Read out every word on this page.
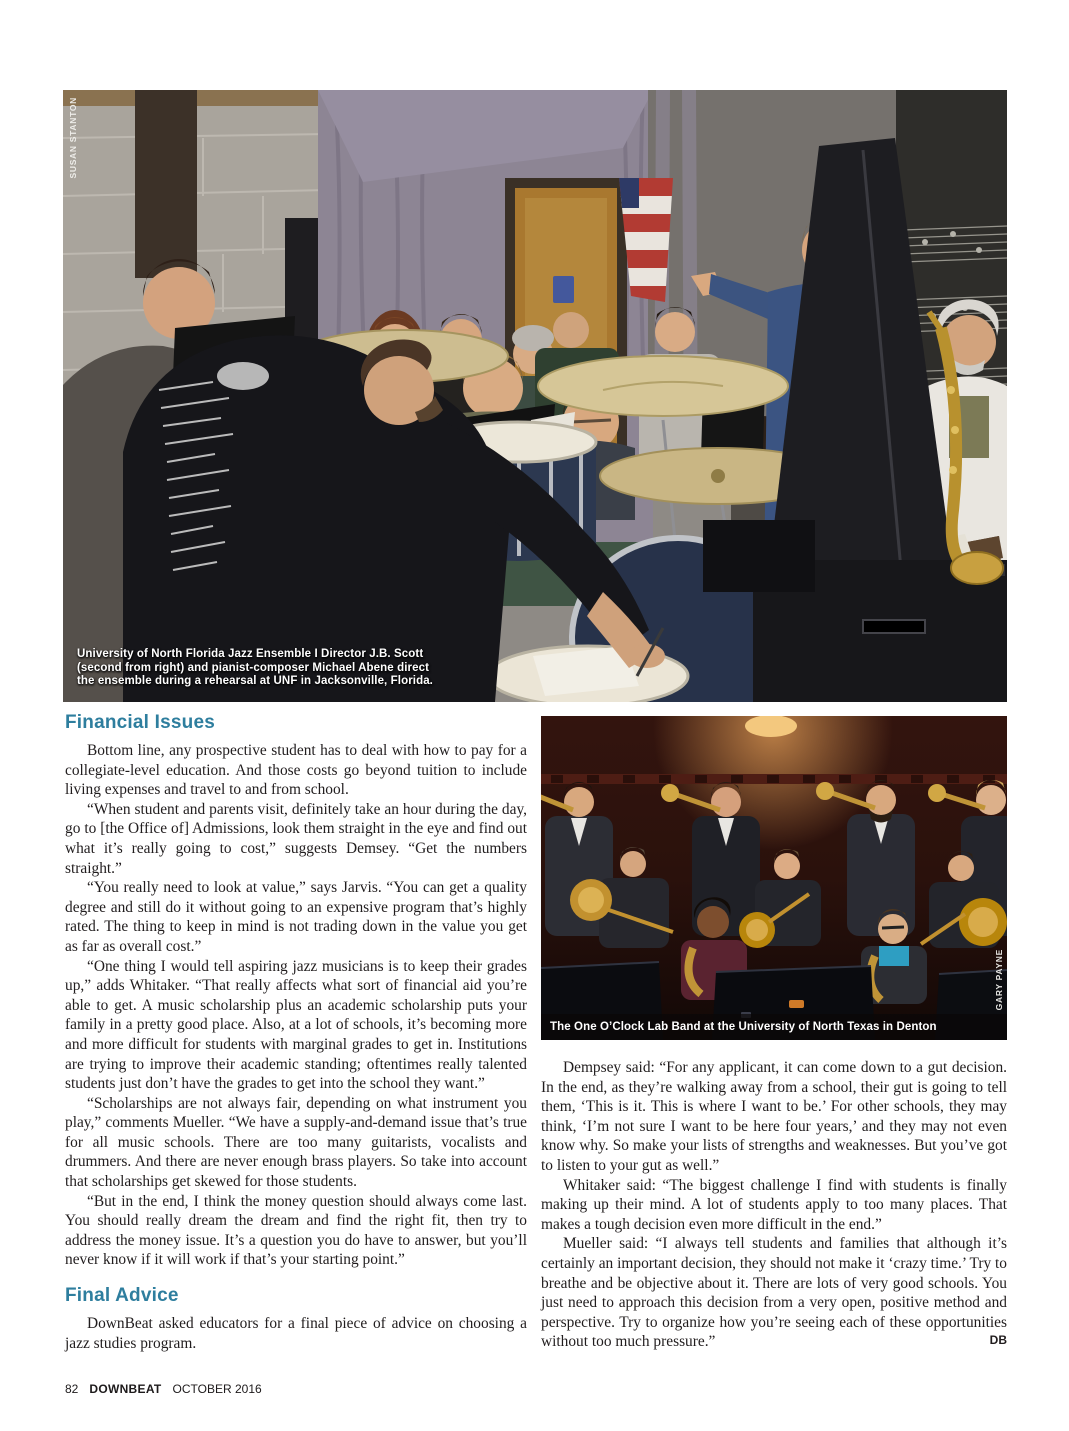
SUSAN STANTON
University of North Florida Jazz Ensemble I Director J.B. Scott
(second from right) and pianist-composer Michael Abene direct
the ensemble during a rehearsal at UNF in Jacksonville, Florida.
Financial Issues

Bottom line, any prospective student has to deal with how to pay for a collegiate-level education. And those costs go beyond tuition to include living expenses and travel to and from school.

“When student and parents visit, definitely take an hour during the day, go to [the Office of] Admissions, look them straight in the eye and find out what it’s really going to cost,” suggests Demsey. “Get the numbers straight.”

“You really need to look at value,” says Jarvis. “You can get a quality degree and still do it without going to an expensive program that’s highly rated. The thing to keep in mind is not trading down in the value you get as far as overall cost.”

“One thing I would tell aspiring jazz musicians is to keep their grades up,” adds Whitaker. “That really affects what sort of financial aid you’re able to get. A music scholarship plus an academic scholarship puts your family in a pretty good place. Also, at a lot of schools, it’s becoming more and more difficult for students with marginal grades to get in. Institutions are trying to improve their academic standing; oftentimes really talented students just don’t have the grades to get into the school they want.”

“Scholarships are not always fair, depending on what instrument you play,” comments Mueller. “We have a supply-and-demand issue that’s true for all music schools. There are too many guitarists, vocalists and drummers. And there are never enough brass players. So take into account that scholarships get skewed for those students.

“But in the end, I think the money question should always come last. You should really dream the dream and find the right fit, then try to address the money issue. It’s a question you do have to answer, but you’ll never know if it will work if that’s your starting point.”

Final Advice

DownBeat asked educators for a final piece of advice on choosing a jazz studies program.

The One O’Clock Lab Band at the University of North Texas in Denton
GARY PAYNE

Dempsey said: “For any applicant, it can come down to a gut decision. In the end, as they’re walking away from a school, their gut is going to tell them, ‘This is it. This is where I want to be.’ For other schools, they may think, ‘I’m not sure I want to be here four years,’ and they may not even know why. So make your lists of strengths and weaknesses. But you’ve got to listen to your gut as well.”

Whitaker said: “The biggest challenge I find with students is finally making up their mind. A lot of students apply to too many places. That makes a tough decision even more difficult in the end.”

Mueller said: “I always tell students and families that although it’s certainly an important decision, they should not make it ‘crazy time.’ Try to breathe and be objective about it. There are lots of very good schools. You just need to approach this decision from a very open, positive method and perspective. Try to organize how you’re seeing each of these opportunities without too much pressure.”	DB

82 DOWNBEAT OCTOBER 2016
